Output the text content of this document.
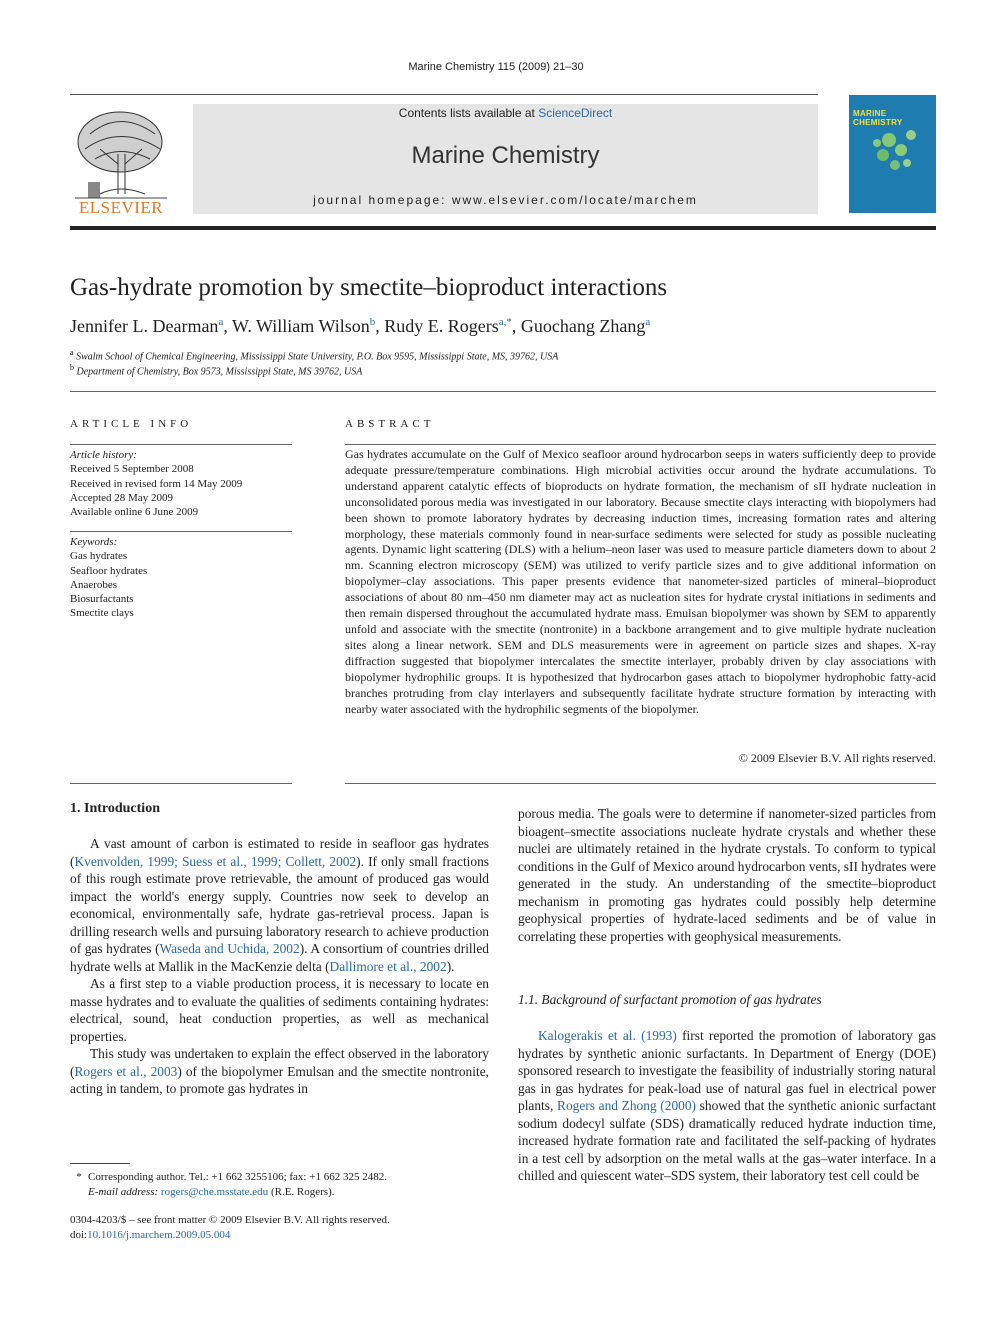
Marine Chemistry 115 (2009) 21–30
ELSEVIER
Contents lists available at ScienceDirect
Marine Chemistry
journal homepage: www.elsevier.com/locate/marchem
MARINE CHEMISTRY
Gas-hydrate promotion by smectite–bioproduct interactions
Jennifer L. Dearman$^a$, W. William Wilson$^b$, Rudy E. Rogers$^{a,*}$, Guochang Zhang$^a$
$^a$ Swalm School of Chemical Engineering, Mississippi State University, P.O. Box 9595, Mississippi State, MS, 39762, USA
$^b$ Department of Chemistry, Box 9573, Mississippi State, MS 39762, USA
ARTICLE INFO
Article history:
Received 5 September 2008
Received in revised form 14 May 2009
Accepted 28 May 2009
Available online 6 June 2009
Keywords:
Gas hydrates
Seafloor hydrates
Anaerobes
Biosurfactants
Smectite clays
ABSTRACT
Gas hydrates accumulate on the Gulf of Mexico seafloor around hydrocarbon seeps in waters sufficiently deep to provide adequate pressure/temperature combinations. High microbial activities occur around the hydrate accumulations. To understand apparent catalytic effects of bioproducts on hydrate formation, the mechanism of sII hydrate nucleation in unconsolidated porous media was investigated in our laboratory. Because smectite clays interacting with biopolymers had been shown to promote laboratory hydrates by decreasing induction times, increasing formation rates and altering morphology, these materials commonly found in near-surface sediments were selected for study as possible nucleating agents. Dynamic light scattering (DLS) with a helium–neon laser was used to measure particle diameters down to about 2 nm. Scanning electron microscopy (SEM) was utilized to verify particle sizes and to give additional information on biopolymer–clay associations. This paper presents evidence that nanometer-sized particles of mineral–bioproduct associations of about 80 nm–450 nm diameter may act as nucleation sites for hydrate crystal initiations in sediments and then remain dispersed throughout the accumulated hydrate mass. Emulsan biopolymer was shown by SEM to apparently unfold and associate with the smectite (nontronite) in a backbone arrangement and to give multiple hydrate nucleation sites along a linear network. SEM and DLS measurements were in agreement on particle sizes and shapes. X-ray diffraction suggested that biopolymer intercalates the smectite interlayer, probably driven by clay associations with biopolymer hydrophilic groups. It is hypothesized that hydrocarbon gases attach to biopolymer hydrophobic fatty-acid branches protruding from clay interlayers and subsequently facilitate hydrate structure formation by interacting with nearby water associated with the hydrophilic segments of the biopolymer.
© 2009 Elsevier B.V. All rights reserved.
1. Introduction

A vast amount of carbon is estimated to reside in seafloor gas hydrates (Kvenvolden, 1999; Suess et al., 1999; Collett, 2002). If only small fractions of this rough estimate prove retrievable, the amount of produced gas would impact the world's energy supply. Countries now seek to develop an economical, environmentally safe, hydrate gas-retrieval process. Japan is drilling research wells and pursuing laboratory research to achieve production of gas hydrates (Waseda and Uchida, 2002). A consortium of countries drilled hydrate wells at Mallik in the MacKenzie delta (Dallimore et al., 2002).

As a first step to a viable production process, it is necessary to locate en masse hydrates and to evaluate the qualities of sediments containing hydrates: electrical, sound, heat conduction properties, as well as mechanical properties.

This study was undertaken to explain the effect observed in the laboratory (Rogers et al., 2003) of the biopolymer Emulsan and the smectite nontronite, acting in tandem, to promote gas hydrates in

porous media. The goals were to determine if nanometer-sized particles from bioagent–smectite associations nucleate hydrate crystals and whether these nuclei are ultimately retained in the hydrate crystals. To conform to typical conditions in the Gulf of Mexico around hydrocarbon vents, sII hydrates were generated in the study. An understanding of the smectite–bioproduct mechanism in promoting gas hydrates could possibly help determine geophysical properties of hydrate-laced sediments and be of value in correlating these properties with geophysical measurements.

1.1. Background of surfactant promotion of gas hydrates

Kalogerakis et al. (1993) first reported the promotion of laboratory gas hydrates by synthetic anionic surfactants. In Department of Energy (DOE) sponsored research to investigate the feasibility of industrially storing natural gas in gas hydrates for peak-load use of natural gas fuel in electrical power plants, Rogers and Zhong (2000) showed that the synthetic anionic surfactant sodium dodecyl sulfate (SDS) dramatically reduced hydrate induction time, increased hydrate formation rate and facilitated the self-packing of hydrates in a test cell by adsorption on the metal walls at the gas–water interface. In a chilled and quiescent water–SDS system, their laboratory test cell could be

* Corresponding author. Tel.: +1 662 3255106; fax: +1 662 325 2482.
E-mail address: rogers@che.msstate.edu (R.E. Rogers).
0304-4203/$ – see front matter © 2009 Elsevier B.V. All rights reserved.
doi:10.1016/j.marchem.2009.05.004
